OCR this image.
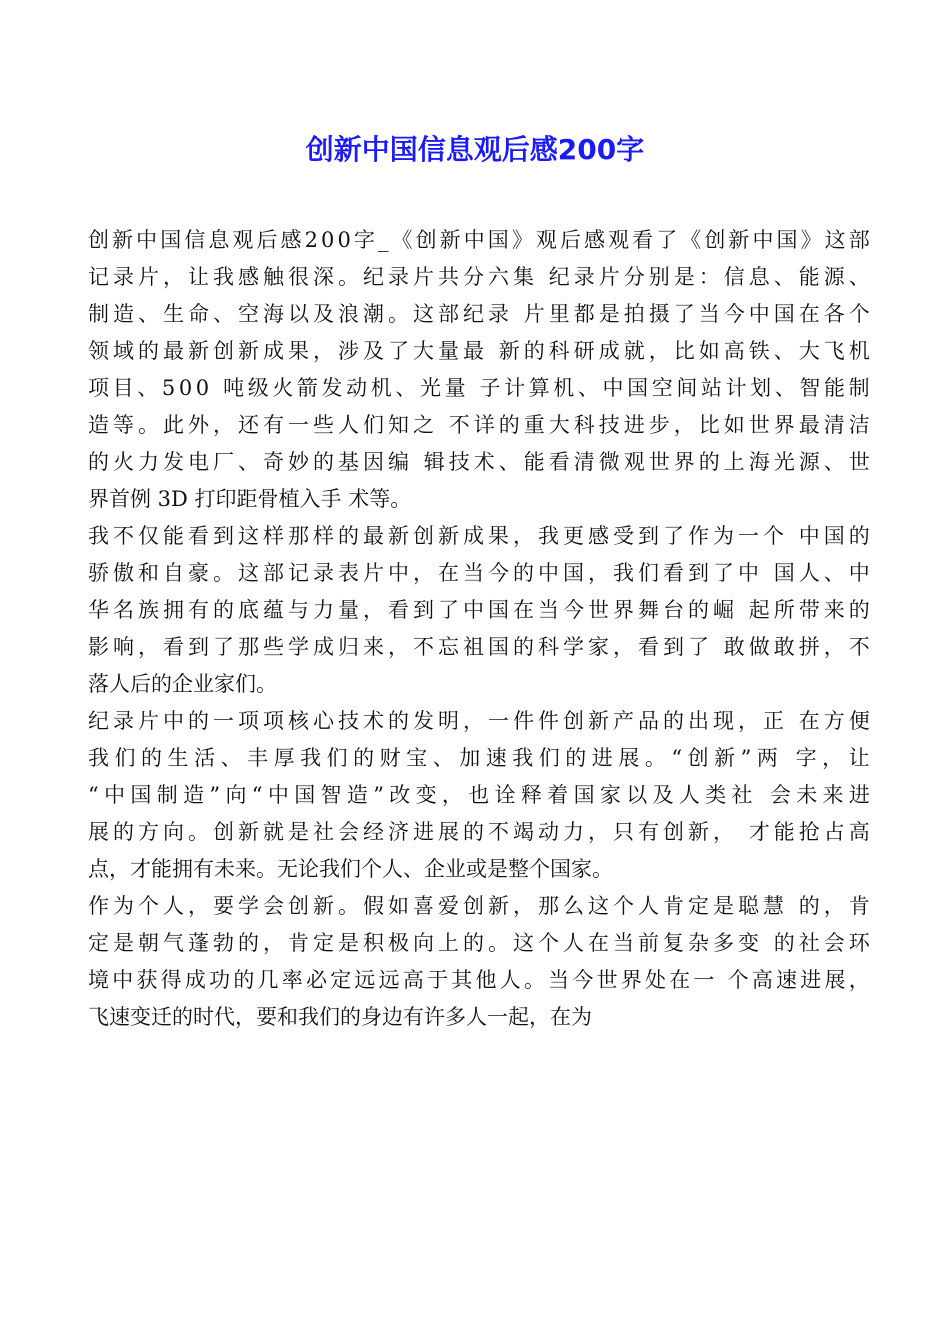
创新中国信息观后感200字
创 新 中 国 信 息 观 后 感 2 0 0 字 _ 《 创 新 中 国 》 观 后 感 观 看 了 《 创 新 中 国 》 这 部
记 录 片 ， 让 我 感 触 很 深 。 纪 录 片 共 分 六 集
纪 录 片 分 别 是 ： 信 息 、 能 源 、
制 造 、 生 命 、 空 海 以 及 浪 潮 。 这 部 纪 录
片 里 都 是 拍 摄 了 当 今 中 国 在 各 个
领 域 的 最 新 创 新 成 果 ， 涉 及 了 大 量 最
新 的 科 研 成 就 ， 比 如 高 铁 、 大 飞 机
项 目 、 5 0 0
吨 级 火 箭 发 动 机 、 光 量
子 计 算 机 、 中 国 空 间 站 计 划 、 智 能 制
造 等 。 此 外 ， 还 有 一 些 人 们 知 之
不 详 的 重 大 科 技 进 步 ， 比 如 世 界 最 清 洁
的 火 力 发 电 厂 、 奇 妙 的 基 因 编
辑 技 术 、 能 看 清 微 观 世 界 的 上 海 光 源 、 世
界首例 3D 打印距骨植入手 术等。
我 不 仅 能 看 到 这 样 那 样 的 最 新 创 新 成 果 ， 我 更 感 受 到 了 作 为 一 个
中 国 的
骄 傲 和 自 豪 。 这 部 记 录 表 片 中 ， 在 当 今 的 中 国 ， 我 们 看 到 了 中
国 人 、 中
华 名 族 拥 有 的 底 蕴 与 力 量 ， 看 到 了 中 国 在 当 今 世 界 舞 台 的 崛
起 所 带 来 的
影 响 ， 看 到 了 那 些 学 成 归 来 ， 不 忘 祖 国 的 科 学 家 ， 看 到 了
敢 做 敢 拼 ， 不
落人后的企业家们。
纪 录 片 中 的 一 项 项 核 心 技 术 的 发 明 ， 一 件 件 创 新 产 品 的 出 现 ， 正
在 方 便
我 们 的 生 活 、 丰 厚 我 们 的 财 宝 、 加 速 我 们 的 进 展 。 “ 创 新 ” 两
字 ， 让
“ 中 国 制 造 ” 向 “ 中 国 智 造 ” 改 变 ， 也 诠 释 着 国 家 以 及 人 类 社
会 未 来 进
展 的 方 向 。 创 新 就 是 社 会 经 济 进 展 的 不 竭 动 力 ， 只 有 创 新 ，
才 能 抢 占 高
点，才能拥有未来。无论我们个人、企业或是整个国家。
作 为 个 人 ， 要 学 会 创 新 。 假 如 喜 爱 创 新 ， 那 么 这 个 人 肯 定 是 聪 慧
的 ， 肯
定 是 朝 气 蓬 勃 的 ， 肯 定 是 积 极 向 上 的 。 这 个 人 在 当 前 复 杂 多 变
的 社 会 环
境 中 获 得 成 功 的 几 率 必 定 远 远 高 于 其 他 人 。 当 今 世 界 处 在 一
个 高 速 进 展 ，
飞速变迁的时代，要和我们的身边有许多人一起，在为
